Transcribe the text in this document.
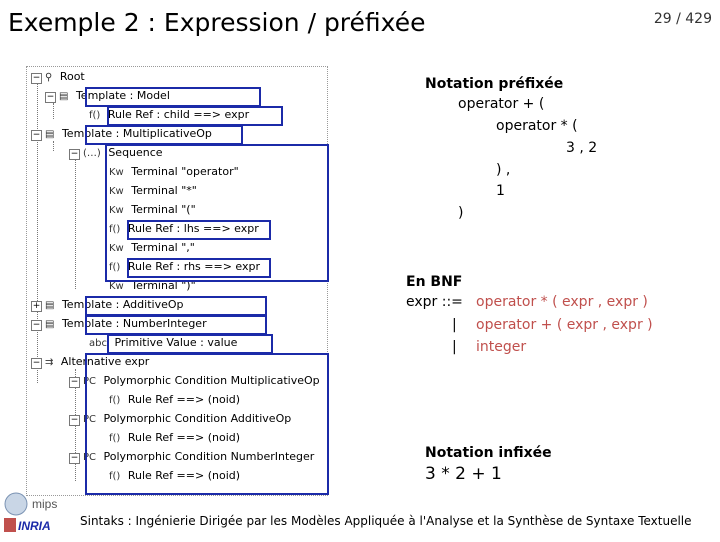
Exemple 2 : Expression / préfixée	29 / 429
− ⚲ Root
− ▤ Template : Model
f() Rule Ref : child ==> expr
− ▤ Template : MultiplicativeOp
− (…) Sequence
Kw Terminal "operator"
Kw Terminal "*"
Kw Terminal "("
f() Rule Ref : lhs ==> expr
Kw Terminal ","
f() Rule Ref : rhs ==> expr
Kw Terminal ")"
+ ▤ Template : AdditiveOp
− ▤ Template : NumberInteger
abc Primitive Value : value
− ⇉ Alternative expr
− PC Polymorphic Condition MultiplicativeOp
f() Rule Ref ==> (noid)
− PC Polymorphic Condition AdditiveOp
f() Rule Ref ==> (noid)
− PC Polymorphic Condition NumberInteger
f() Rule Ref ==> (noid)
Notation préfixée
operator + (
operator * (
3 , 2
) ,
1
)
En BNF
expr ::= operator * ( expr , expr )
| operator + ( expr , expr )
| integer
Notation infixée
3 * 2 + 1
mips
INRIA Sintaks : Ingénierie Dirigée par les Modèles Appliquée à l'Analyse et la Synthèse de Syntaxe Textuelle
